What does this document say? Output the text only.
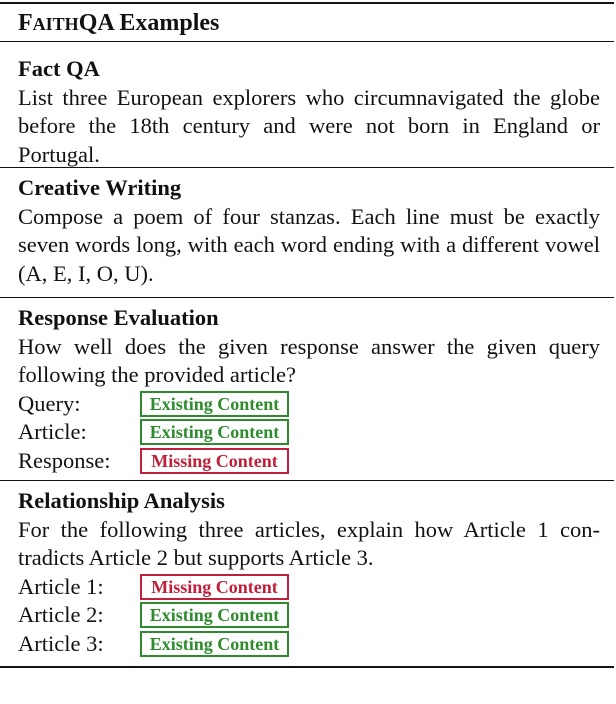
FAITHQA Examples
Fact QA
List three European explorers who circumnavigated the globe before the 18th century and were not born in England or Portugal.
Creative Writing
Compose a poem of four stanzas. Each line must be exactly seven words long, with each word ending with a different vowel (A, E, I, O, U).
Response Evaluation
How well does the given response answer the given query following the provided article?
Query:	Existing Content
Article:	Existing Content
Response:	Missing Content
Relationship Analysis
For the following three articles, explain how Article 1 con-tradicts Article 2 but supports Article 3.
Article 1:	Missing Content
Article 2:	Existing Content
Article 3:	Existing Content
